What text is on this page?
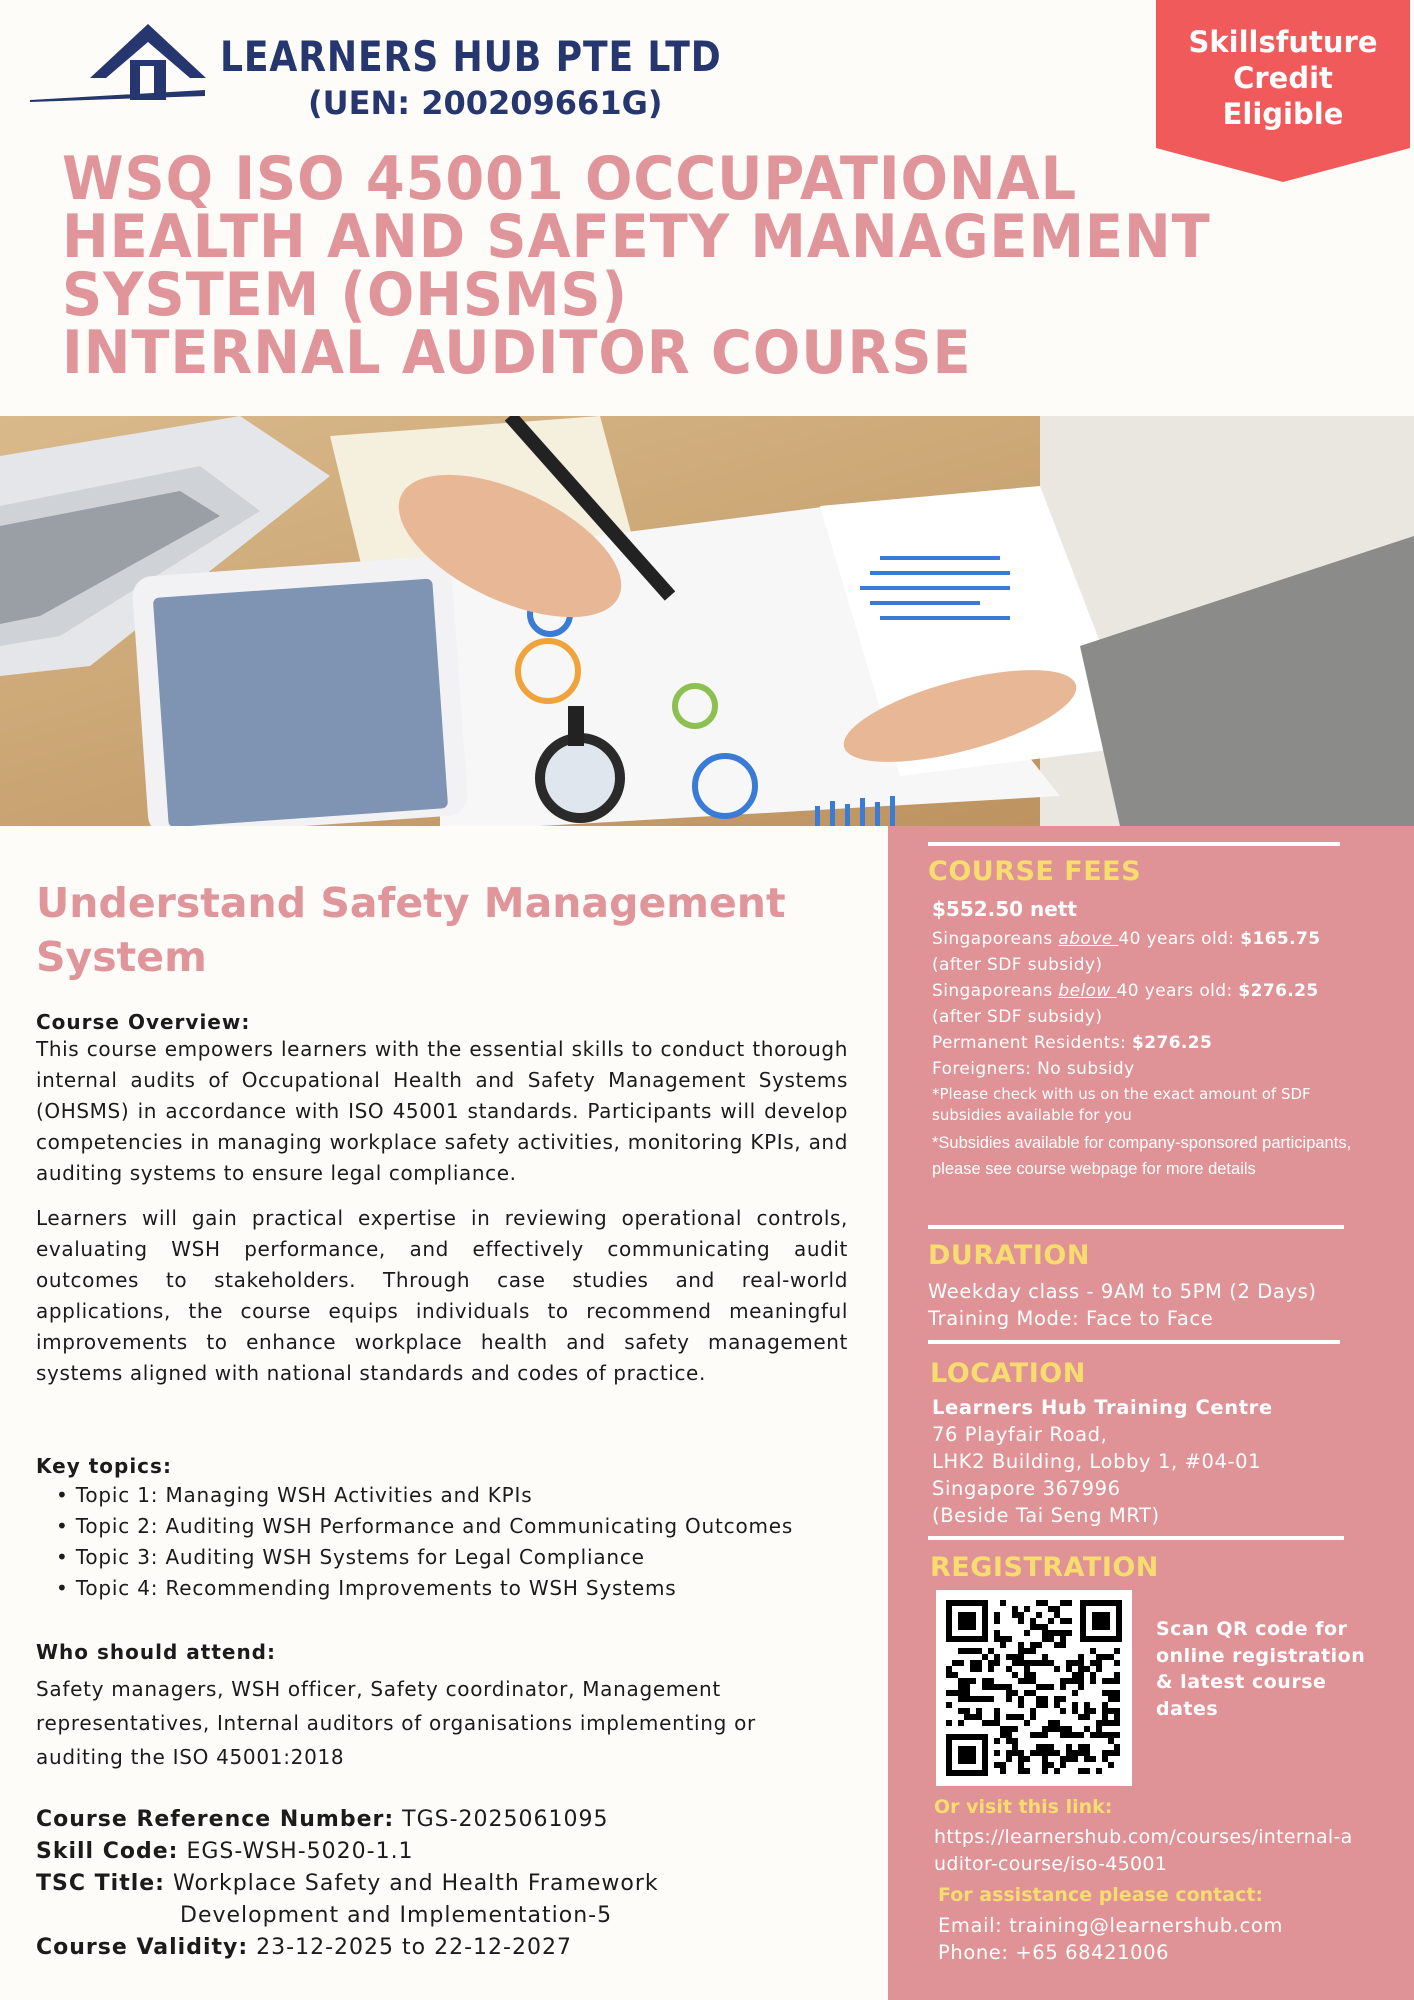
LEARNERS HUB PTE LTD
(UEN: 200209661G)
Skillsfuture
Credit
Eligible
WSQ ISO 45001 OCCUPATIONAL
HEALTH AND SAFETY MANAGEMENT
SYSTEM (OHSMS)
INTERNAL AUDITOR COURSE
Understand Safety Management System
Course Overview:

This course empowers learners with the essential skills to conduct thorough internal audits of Occupational Health and Safety Management Systems (OHSMS) in accordance with ISO 45001 standards. Participants will develop competencies in managing workplace safety activities, monitoring KPIs, and auditing systems to ensure legal compliance.

Learners will gain practical expertise in reviewing operational controls, evaluating WSH performance, and effectively communicating audit outcomes to stakeholders. Through case studies and real-world applications, the course equips individuals to recommend meaningful improvements to enhance workplace health and safety management systems aligned with national standards and codes of practice.

Key topics:
• Topic 1: Managing WSH Activities and KPIs
• Topic 2: Auditing WSH Performance and Communicating Outcomes
• Topic 3: Auditing WSH Systems for Legal Compliance
• Topic 4: Recommending Improvements to WSH Systems
Who should attend:
Safety managers, WSH officer, Safety coordinator, Management representatives, Internal auditors of organisations implementing or auditing the ISO 45001:2018
Course Reference Number: TGS-2025061095
Skill Code: EGS-WSH-5020-1.1
TSC Title: Workplace Safety and Health Framework
Development and Implementation-5
Course Validity: 23-12-2025 to 22-12-2027
COURSE FEES
$552.50 nett
Singaporeans above 40 years old: $165.75
(after SDF subsidy)
Singaporeans below 40 years old: $276.25
(after SDF subsidy)
Permanent Residents: $276.25
Foreigners: No subsidy
*Please check with us on the exact amount of SDF subsidies available for you
*Subsidies available for company-sponsored participants, please see course webpage for more details
DURATION
Weekday class - 9AM to 5PM (2 Days)
Training Mode: Face to Face
LOCATION
Learners Hub Training Centre
76 Playfair Road,
LHK2 Building, Lobby 1, #04-01
Singapore 367996
(Beside Tai Seng MRT)
REGISTRATION
Scan QR code for online registration & latest course dates
Or visit this link:
https://learnershub.com/courses/internal-auditor-course/iso-45001
For assistance please contact:
Email: training@learnershub.com
Phone: +65 68421006
